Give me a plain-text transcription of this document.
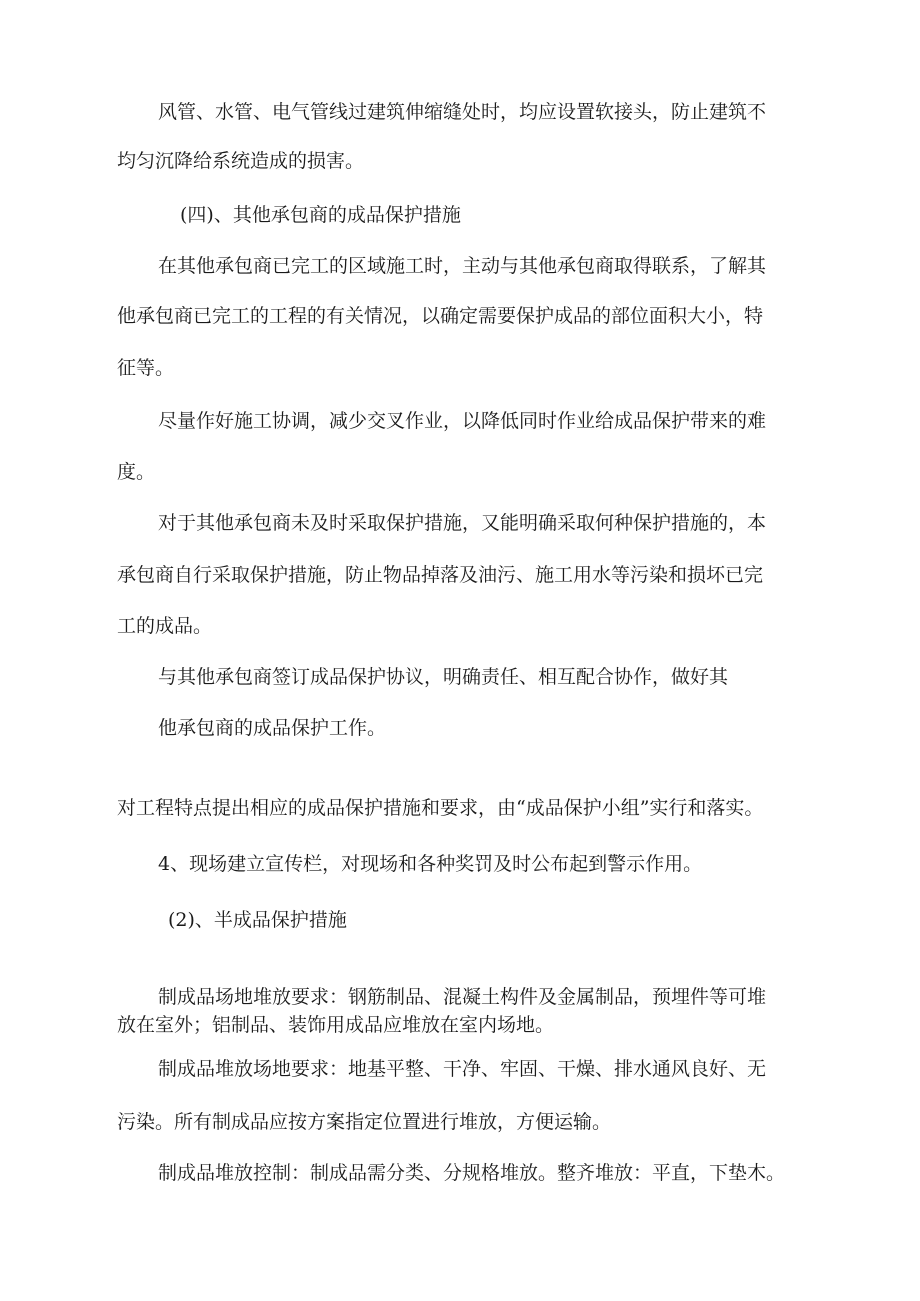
风管、水管、电气管线过建筑伸缩缝处时，均应设置软接头，防止建筑不
均匀沉降给系统造成的损害。
(四)、其他承包商的成品保护措施
在其他承包商已完工的区域施工时，主动与其他承包商取得联系，了解其
他承包商已完工的工程的有关情况，以确定需要保护成品的部位面积大小，特
征等。
尽量作好施工协调，减少交叉作业，以降低同时作业给成品保护带来的难
度。
对于其他承包商未及时采取保护措施，又能明确采取何种保护措施的，本
承包商自行采取保护措施，防止物品掉落及油污、施工用水等污染和损坏已完
工的成品。
与其他承包商签订成品保护协议，明确责任、相互配合协作，做好其
他承包商的成品保护工作。
对工程特点提出相应的成品保护措施和要求，由“成品保护小组”实行和落实。
4、现场建立宣传栏，对现场和各种奖罚及时公布起到警示作用。
(2)、半成品保护措施
制成品场地堆放要求：钢筋制品、混凝土构件及金属制品，预埋件等可堆
放在室外；铝制品、装饰用成品应堆放在室内场地。
制成品堆放场地要求：地基平整、干净、牢固、干燥、排水通风良好、无
污染。所有制成品应按方案指定位置进行堆放，方便运输。
制成品堆放控制：制成品需分类、分规格堆放。整齐堆放：平直，下垫木。
